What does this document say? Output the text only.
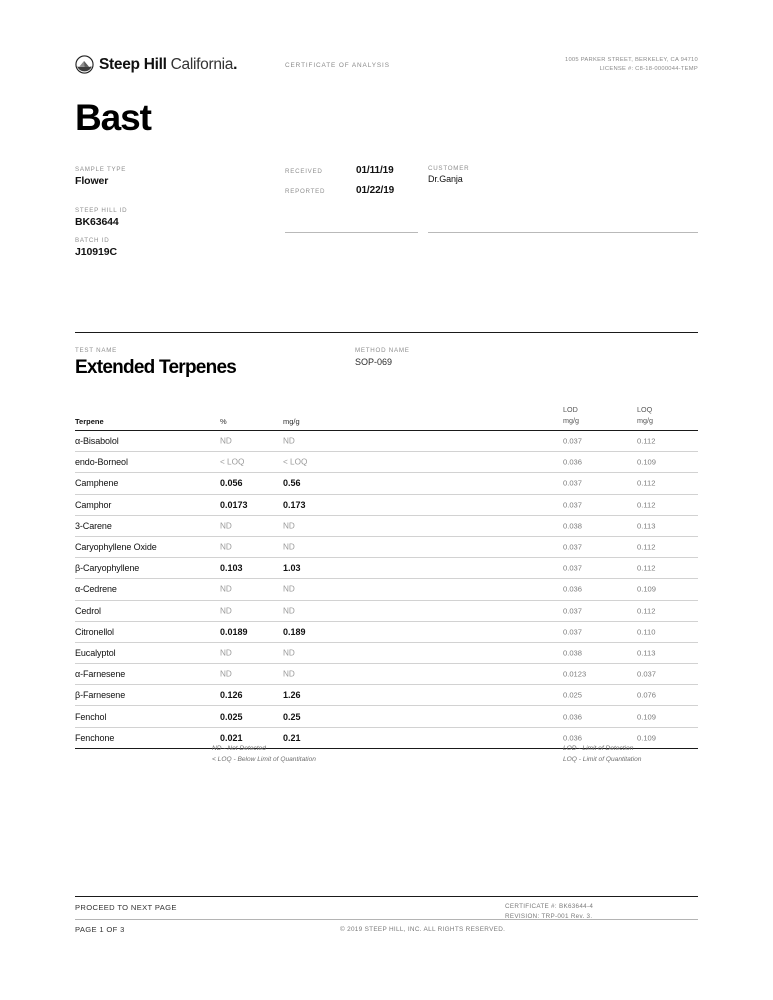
Steep Hill California.	CERTIFICATE OF ANALYSIS
1005 PARKER STREET, BERKELEY, CA 94710
LICENSE #: C8-18-0000044-TEMP
Bast
SAMPLE TYPE
Flower
STEEP HILL ID
BK63644
BATCH ID
J10919C
RECEIVED	01/11/19
REPORTED	01/22/19
CUSTOMER
Dr.Ganja
TEST NAME
Extended Terpenes
METHOD NAME
SOP-069
Terpene	%	mg/g
LOD
mg/g
LOQ
mg/g
α-Bisabolol	ND	ND	0.037	0.112
endo-Borneol	< LOQ	< LOQ	0.036	0.109
Camphene	0.056	0.56	0.037	0.112
Camphor	0.0173	0.173	0.037	0.112
3-Carene	ND	ND	0.038	0.113
Caryophyllene Oxide	ND	ND	0.037	0.112
β-Caryophyllene	0.103	1.03	0.037	0.112
α-Cedrene	ND	ND	0.036	0.109
Cedrol	ND	ND	0.037	0.112
Citronellol	0.0189	0.189	0.037	0.110
Eucalyptol	ND	ND	0.038	0.113
α-Farnesene	ND	ND	0.0123	0.037
β-Farnesene	0.126	1.26	0.025	0.076
Fenchol	0.025	0.25	0.036	0.109
Fenchone	0.021	0.21	0.036	0.109
ND - Not Detected
< LOQ - Below Limit of Quantitation
LOD - Limit of Detection
LOQ - Limit of Quantitation
PROCEED TO NEXT PAGE
PAGE 1 OF 3	© 2019 STEEP HILL, INC. ALL RIGHTS RESERVED.
CERTIFICATE #: BK63644-4
REVISION: TRP-001 Rev. 3.
